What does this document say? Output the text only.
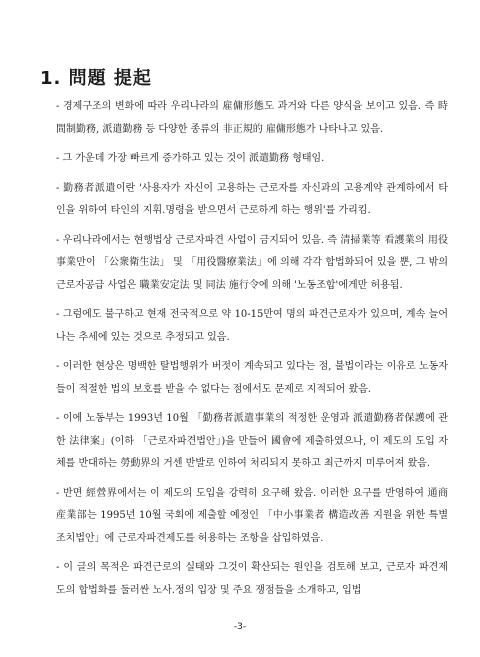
1. 問題 提起

- 경제구조의 변화에 따라 우리나라의 雇傭形態도 과거와 다른 양식을 보이고 있음. 즉 時間制勤務, 派遣勤務 등 다양한 종류의 非正規的 雇傭形態가 나타나고 있음.

- 그 가운데 가장 빠르게 증가하고 있는 것이 派遣勤務 형태임.

- 勤務者派遣이란 '사용자가 자신이 고용하는 근로자를 자신과의 고용계약 관계하에서 타인을 위하여 타인의 지휘.명령을 받으면서 근로하게 하는 행위'를 가리킴.

- 우리나라에서는 현행법상 근로자파견 사업이 금지되어 있음. 즉 清掃業等 看護業의 用役事業만이 「公衆衛生法」 및 「用役醫療業法」에 의해 각각 합법화되어 있을 뿐, 그 밖의 근로자공급 사업은 職業安定法 및 同法 施行令에 의해 '노동조합'에게만 허용됨.

- 그럼에도 불구하고 현재 전국적으로 약 10-15만여 명의 파견근로자가 있으며, 계속 늘어나는 추세에 있는 것으로 추정되고 있음.

- 이러한 현상은 명백한 탈법행위가 버젓이 계속되고 있다는 점, 불법이라는 이유로 노동자들이 적절한 법의 보호를 받을 수 없다는 점에서도 문제로 지적되어 왔음.

- 이에 노동부는 1993년 10월 「勤務者派遣事業의 적정한 운영과 派遣勤務者保護에 관한 法律案」(이하 「근로자파견법안」)을 만들어 國會에 제출하였으나, 이 제도의 도입 자체를 반대하는 勞動界의 거센 반발로 인하여 처리되지 못하고 최근까지 미루어져 왔음.

- 반면 經營界에서는 이 제도의 도입을 강력히 요구해 왔음. 이러한 요구를 반영하여 通商産業部는 1995년 10월 국회에 제출할 예정인 「中小事業者 構造改善 지원을 위한 특별조치법안」에 근로자파견제도를 허용하는 조항을 삽입하였음.

- 이 글의 목적은 파견근로의 실태와 그것이 확산되는 원인을 검토해 보고, 근로자 파견제도의 합법화를 둘러싼 노사.정의 입장 및 주요 쟁점들을 소개하고, 입법

-3-
